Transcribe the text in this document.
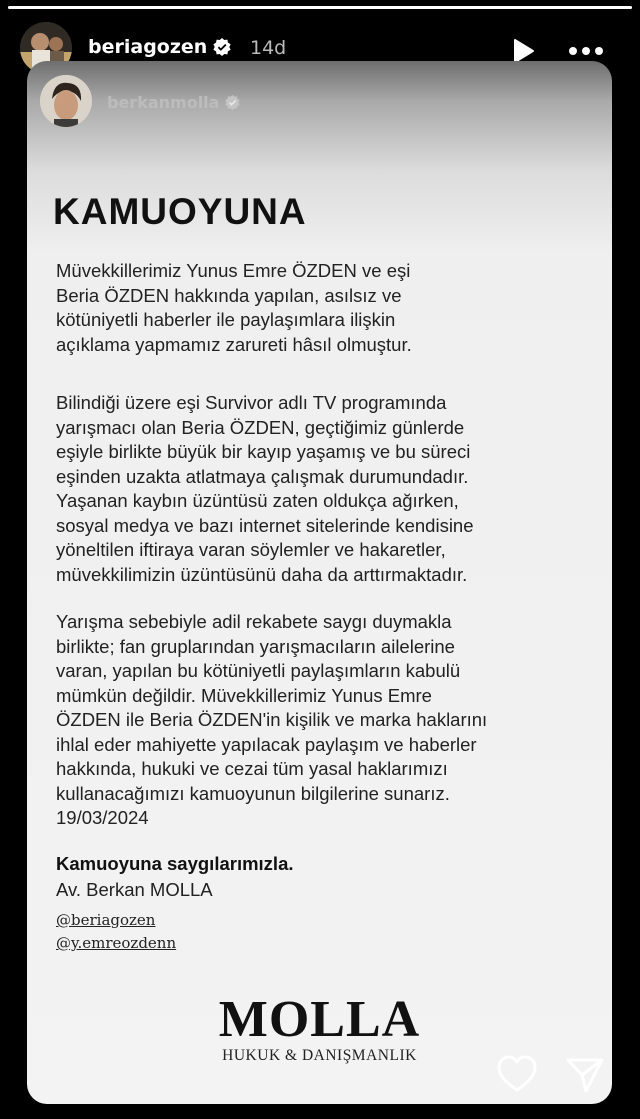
beriagozen 14d
berkanmolla
KAMUOYUNA

Müvekkillerimiz Yunus Emre ÖZDEN ve eşi
Beria ÖZDEN hakkında yapılan, asılsız ve
kötüniyetli haberler ile paylaşımlara ilişkin
açıklama yapmamız zarureti hâsıl olmuştur.

Bilindiği üzere eşi Survivor adlı TV programında
yarışmacı olan Beria ÖZDEN, geçtiğimiz günlerde
eşiyle birlikte büyük bir kayıp yaşamış ve bu süreci
eşinden uzakta atlatmaya çalışmak durumundadır.
Yaşanan kaybın üzüntüsü zaten oldukça ağırken,
sosyal medya ve bazı internet sitelerinde kendisine
yöneltilen iftiraya varan söylemler ve hakaretler,
müvekkilimizin üzüntüsünü daha da arttırmaktadır.

Yarışma sebebiyle adil rekabete saygı duymakla
birlikte; fan gruplarından yarışmacıların ailelerine
varan, yapılan bu kötüniyetli paylaşımların kabulü
mümkün değildir. Müvekkillerimiz Yunus Emre
ÖZDEN ile Beria ÖZDEN'in kişilik ve marka haklarını
ihlal eder mahiyette yapılacak paylaşım ve haberler
hakkında, hukuki ve cezai tüm yasal haklarımızı
kullanacağımızı kamuoyunun bilgilerine sunarız.
19/03/2024

Kamuoyuna saygılarımızla.
Av. Berkan MOLLA
@beriagozen
@y.emreozdenn
MOLLA
HUKUK & DANIŞMANLIK
